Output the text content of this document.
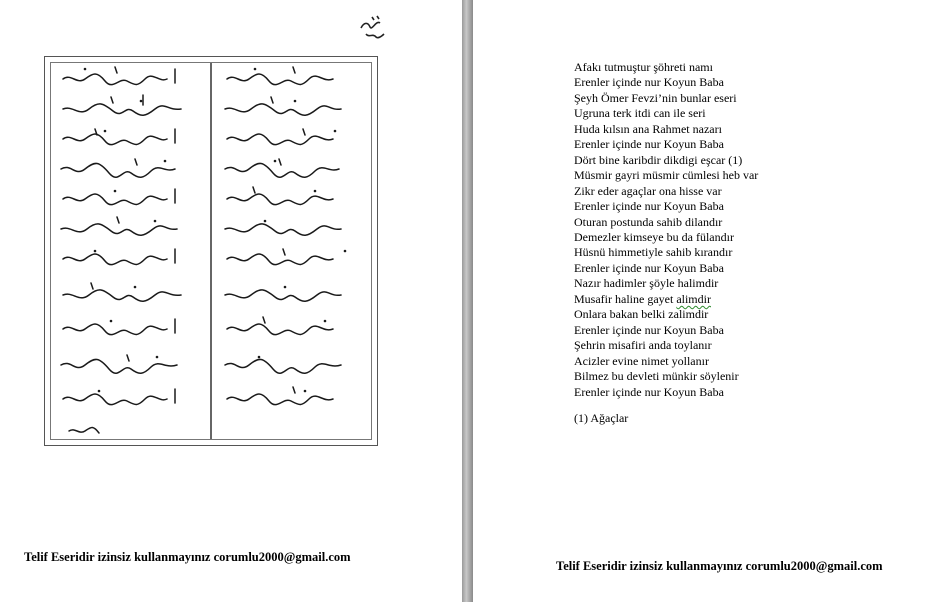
Telif Eseridir izinsiz kullanmayınız corumlu2000@gmail.com
Afakı tutmuştur şöhreti namı
Erenler içinde nur Koyun Baba
Şeyh Ömer Fevzi’nin bunlar eseri
Ugruna terk itdi can ile seri
Huda kılsın ana Rahmet nazarı
Erenler içinde nur Koyun Baba
Dört bine karibdir dikdigi eşcar (1)
Müsmir gayri müsmir cümlesi heb var
Zikr eder agaçlar ona hisse var
Erenler içinde nur Koyun Baba
Oturan postunda sahib dilandır
Demezler kimseye bu da fülandır
Hüsnü himmetiyle sahib kırandır
Erenler içinde nur Koyun Baba
Nazır hadimler şöyle halimdir
Musafir haline gayet alimdir
Onlara bakan belki zalimdir
Erenler içinde nur Koyun Baba
Şehrin misafiri anda toylanır
Acizler evine nimet yollanır
Bilmez bu devleti münkir söylenir
Erenler içinde nur Koyun Baba
(1) Ağaçlar
Telif Eseridir izinsiz kullanmayınız corumlu2000@gmail.com
